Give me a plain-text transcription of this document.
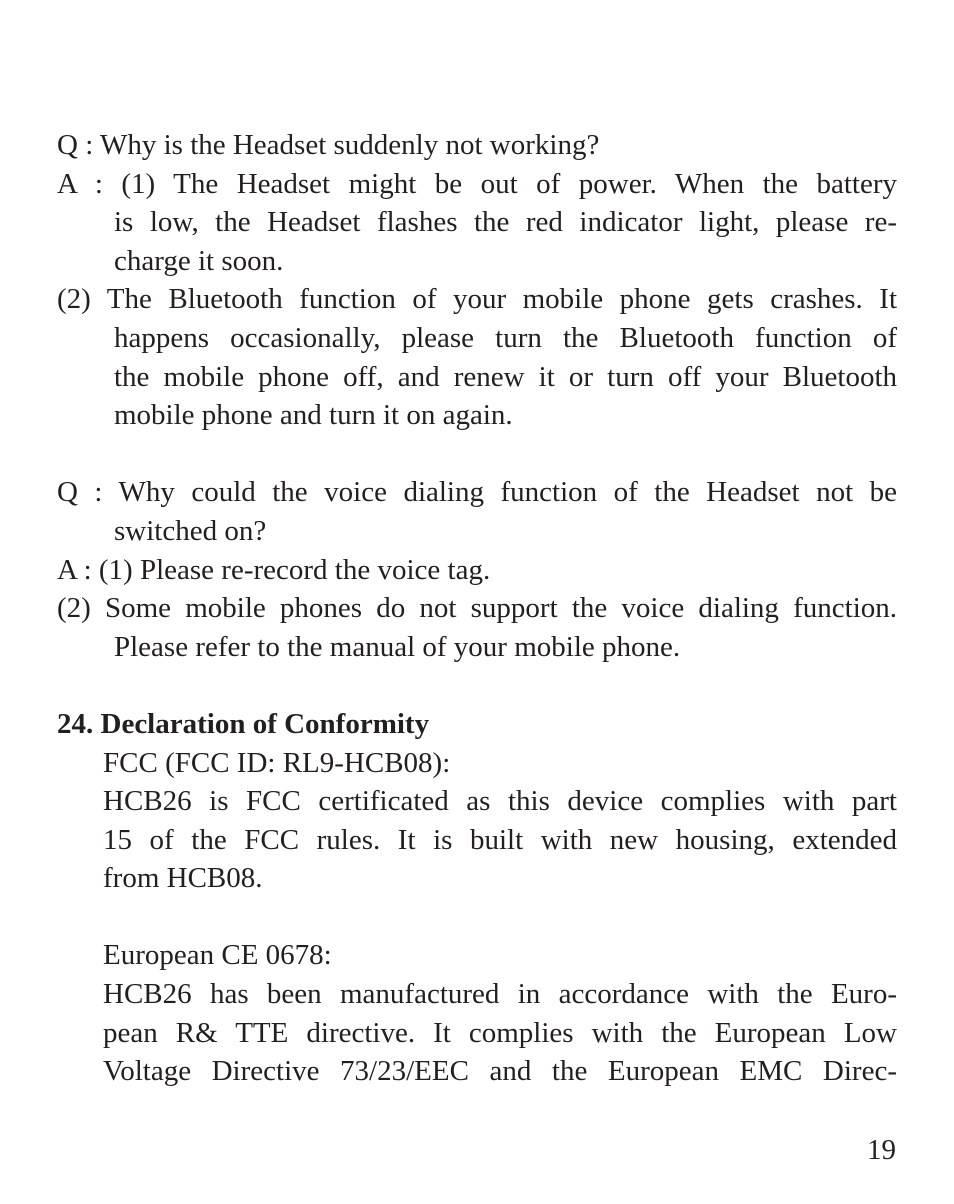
Q : Why is the Headset suddenly not working?
A : (1) The Headset might be out of power. When the battery
is low, the Headset flashes the red indicator light, please re-
charge it soon.
(2) The Bluetooth function of your mobile phone gets crashes. It
happens occasionally, please turn the Bluetooth function of
the mobile phone off, and renew it or turn off your Bluetooth
mobile phone and turn it on again.
Q : Why could the voice dialing function of the Headset not be
switched on?
A : (1) Please re-record the voice tag.
(2) Some mobile phones do not support the voice dialing function.
Please refer to the manual of your mobile phone.
24. Declaration of Conformity
FCC (FCC ID: RL9-HCB08):
HCB26 is FCC certificated as this device complies with part
15 of the FCC rules. It is built with new housing, extended
from HCB08.
European CE 0678:
HCB26 has been manufactured in accordance with the Euro-
pean R& TTE directive. It complies with the European Low
Voltage Directive 73/23/EEC and the European EMC Direc-
19
